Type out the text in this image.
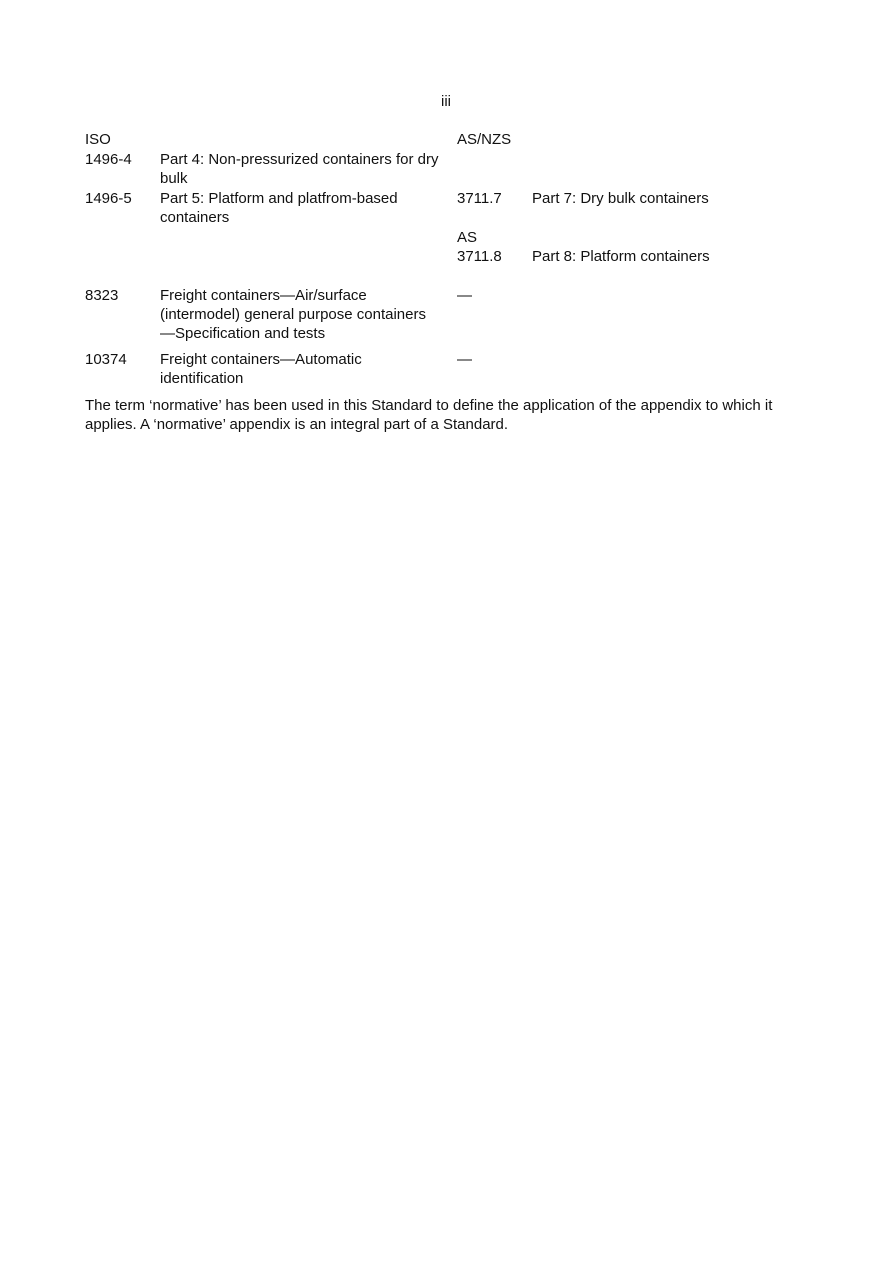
iii
ISO	AS/NZS
1496-4 Part 4: Non-pressurized containers for dry bulk
1496-5 Part 5: Platform and platfrom-based containers
3711.7 Part 7: Dry bulk containers
AS
3711.8 Part 8: Platform containers
8323	Freight containers—Air/surface (intermodel) general purpose containers—Specification and tests
—
10374 Freight containers—Automatic identification
—
The term ‘normative’ has been used in this Standard to define the application of the appendix to which it applies. A ‘normative’ appendix is an integral part of a Standard.
